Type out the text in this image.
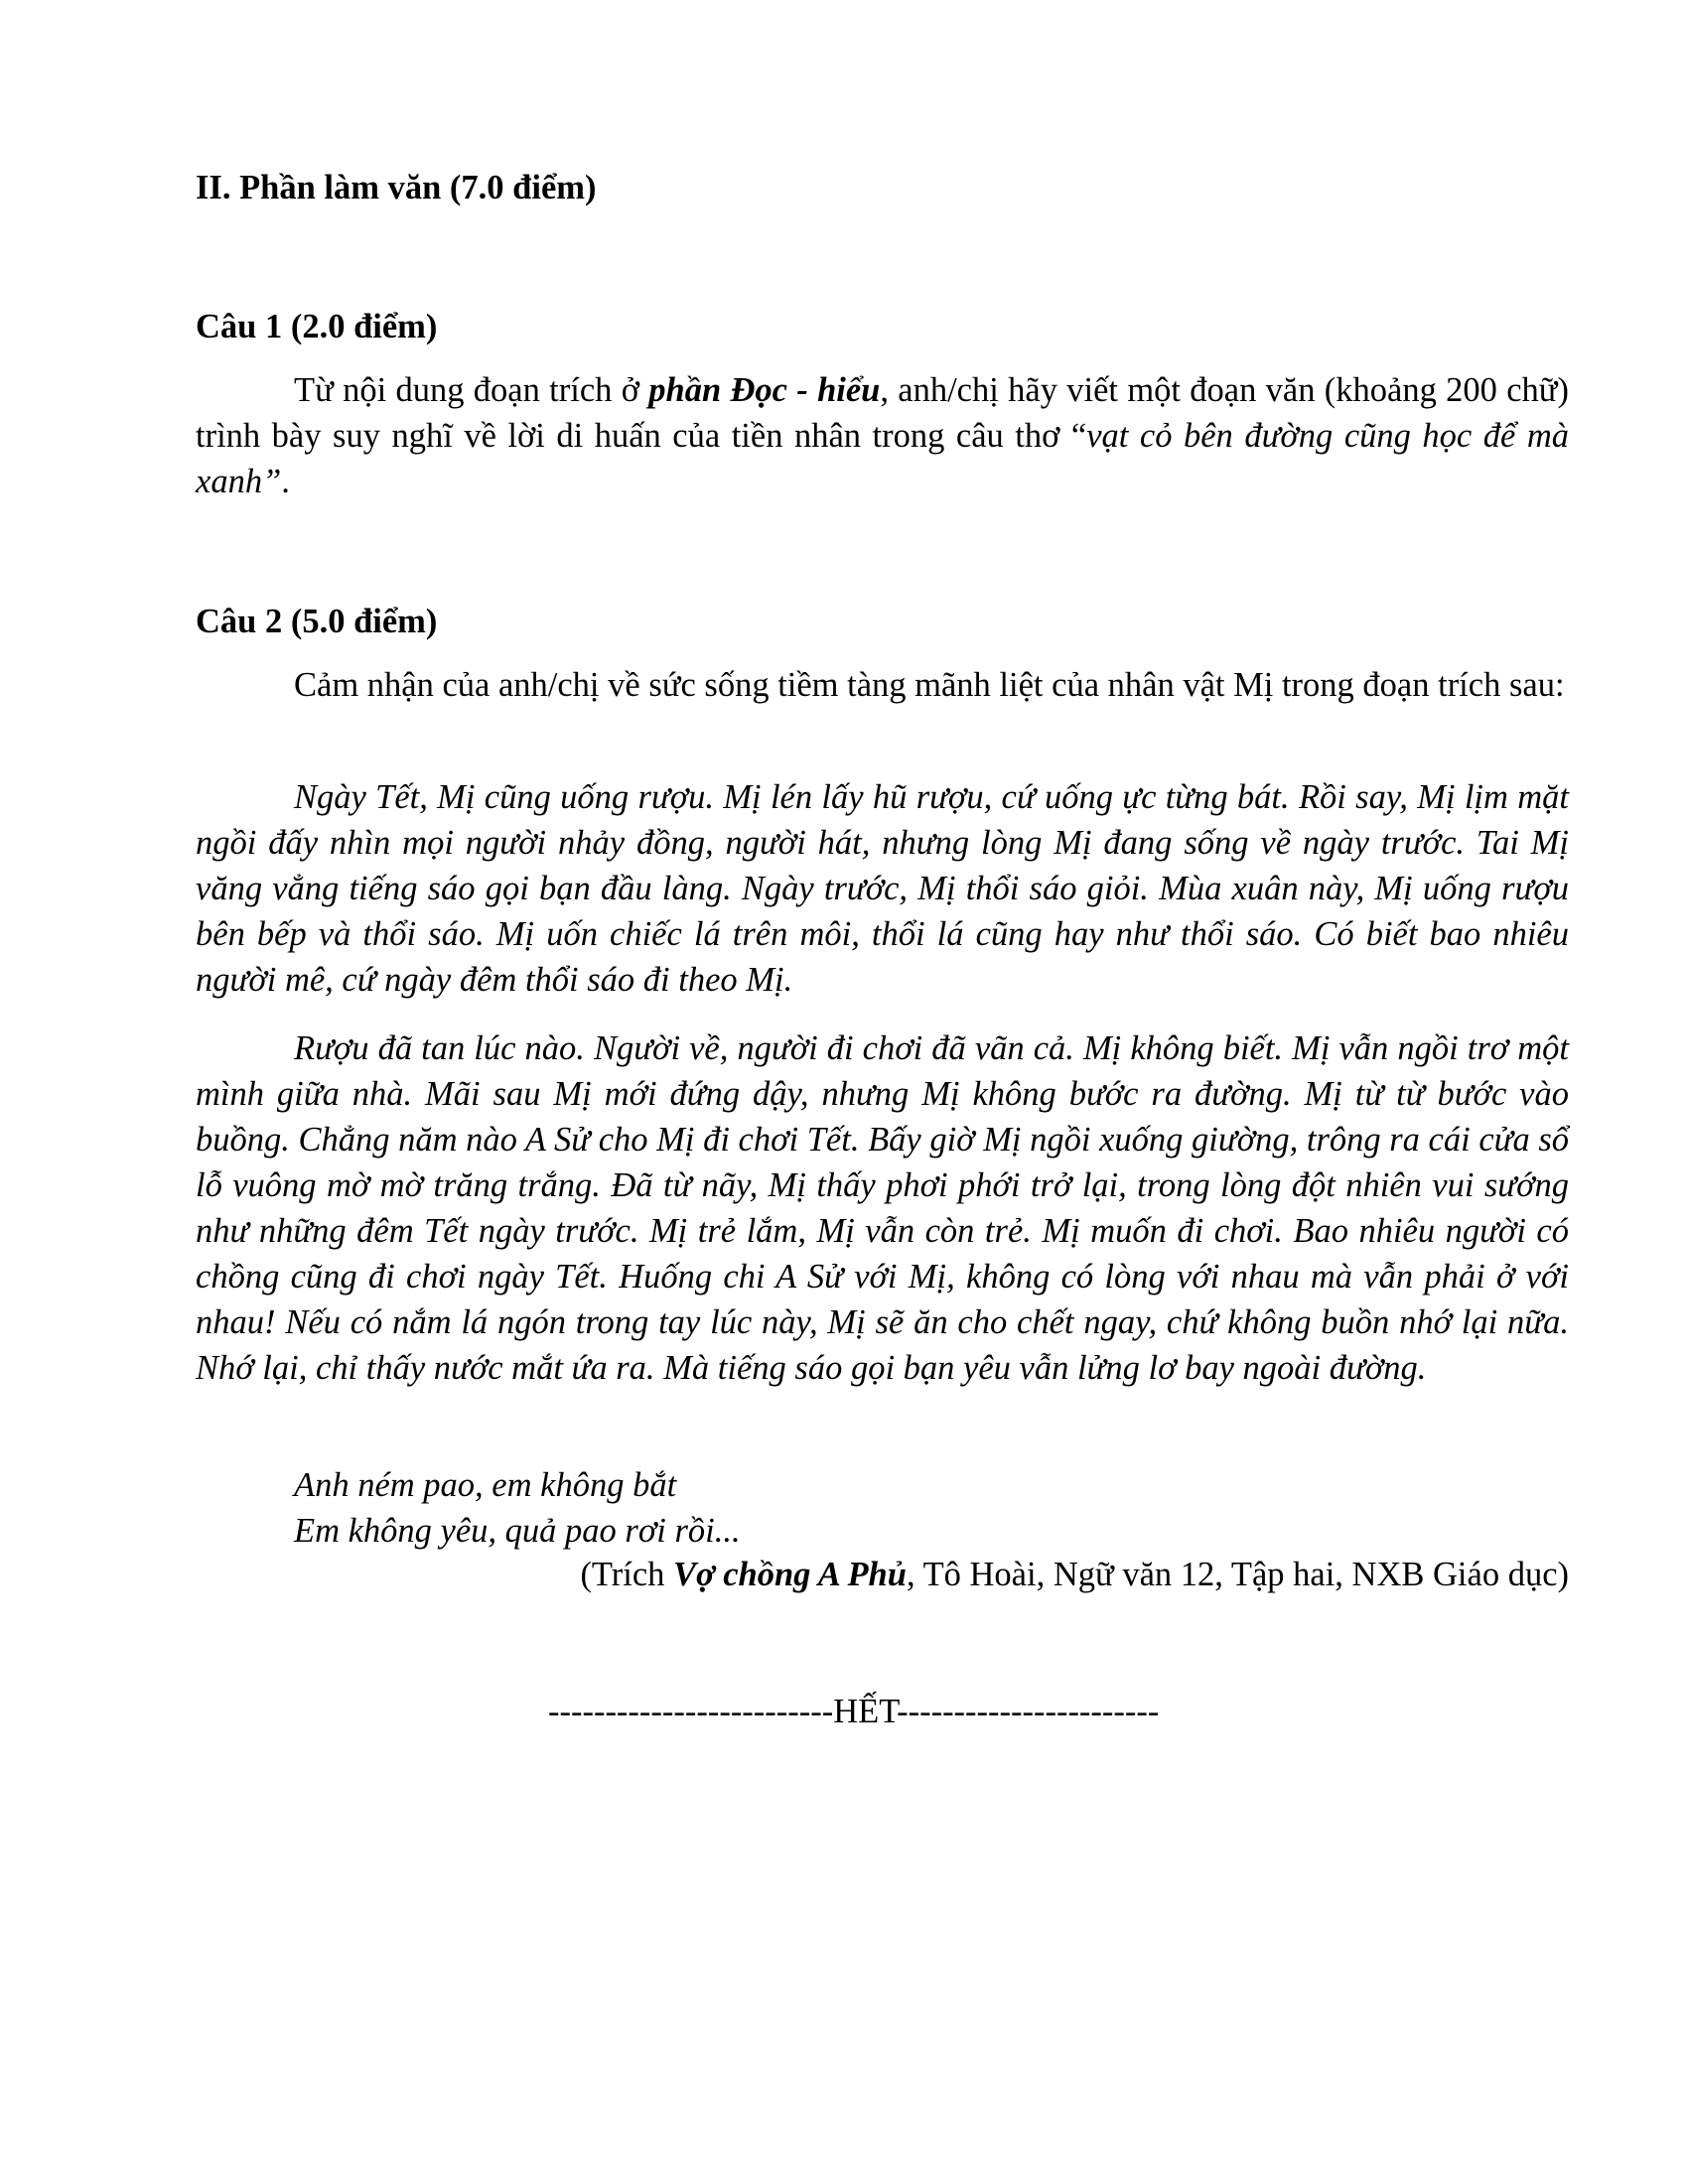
II. Phần làm văn (7.0 điểm)
Câu 1 (2.0 điểm)

Từ nội dung đoạn trích ở phần Đọc - hiểu, anh/chị hãy viết một đoạn văn (khoảng 200 chữ) trình bày suy nghĩ về lời di huấn của tiền nhân trong câu thơ “vạt cỏ bên đường cũng học để mà xanh”.

Câu 2 (5.0 điểm)

Cảm nhận của anh/chị về sức sống tiềm tàng mãnh liệt của nhân vật Mị trong đoạn trích sau:

Ngày Tết, Mị cũng uống rượu. Mị lén lấy hũ rượu, cứ uống ực từng bát. Rồi say, Mị lịm mặt ngồi đấy nhìn mọi người nhảy đồng, người hát, nhưng lòng Mị đang sống về ngày trước. Tai Mị văng vẳng tiếng sáo gọi bạn đầu làng. Ngày trước, Mị thổi sáo giỏi. Mùa xuân này, Mị uống rượu bên bếp và thổi sáo. Mị uốn chiếc lá trên môi, thổi lá cũng hay như thổi sáo. Có biết bao nhiêu người mê, cứ ngày đêm thổi sáo đi theo Mị.

Rượu đã tan lúc nào. Người về, người đi chơi đã vãn cả. Mị không biết. Mị vẫn ngồi trơ một mình giữa nhà. Mãi sau Mị mới đứng dậy, nhưng Mị không bước ra đường. Mị từ từ bước vào buồng. Chẳng năm nào A Sử cho Mị đi chơi Tết. Bấy giờ Mị ngồi xuống giường, trông ra cái cửa sổ lỗ vuông mờ mờ trăng trắng. Đã từ nãy, Mị thấy phơi phới trở lại, trong lòng đột nhiên vui sướng như những đêm Tết ngày trước. Mị trẻ lắm, Mị vẫn còn trẻ. Mị muốn đi chơi. Bao nhiêu người có chồng cũng đi chơi ngày Tết. Huống chi A Sử với Mị, không có lòng với nhau mà vẫn phải ở với nhau! Nếu có nắm lá ngón trong tay lúc này, Mị sẽ ăn cho chết ngay, chứ không buồn nhớ lại nữa. Nhớ lại, chỉ thấy nước mắt ứa ra. Mà tiếng sáo gọi bạn yêu vẫn lửng lơ bay ngoài đường.

Anh ném pao, em không bắt
Em không yêu, quả pao rơi rồi...
(Trích Vợ chồng A Phủ, Tô Hoài, Ngữ văn 12, Tập hai, NXB Giáo dục)
-------------------------HẾT-----------------------
